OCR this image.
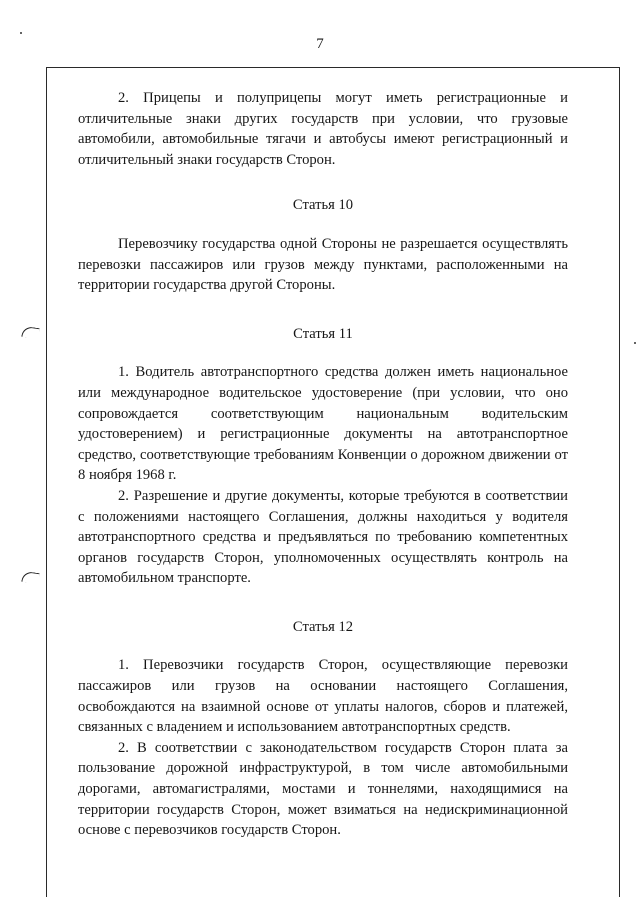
7

2. Прицепы и полуприцепы могут иметь регистрационные и отличительные знаки других государств при условии, что грузовые автомобили, автомобильные тягачи и автобусы имеют регистрационный и отличительный знаки государств Сторон.

Статья 10

Перевозчику государства одной Стороны не разрешается осуществлять перевозки пассажиров или грузов между пунктами, расположенными на территории государства другой Стороны.

Статья 11

1. Водитель автотранспортного средства должен иметь национальное или международное водительское удостоверение (при условии, что оно сопровождается соответствующим национальным водительским удостоверением) и регистрационные документы на автотранспортное средство, соответствующие требованиям Конвенции о дорожном движении от 8 ноября 1968 г.

2. Разрешение и другие документы, которые требуются в соответствии с положениями настоящего Соглашения, должны находиться у водителя автотранспортного средства и предъявляться по требованию компетентных органов государств Сторон, уполномоченных осуществлять контроль на автомобильном транспорте.

Статья 12

1. Перевозчики государств Сторон, осуществляющие перевозки пассажиров или грузов на основании настоящего Соглашения, освобождаются на взаимной основе от уплаты налогов, сборов и платежей, связанных с владением и использованием автотранспортных средств.

2. В соответствии с законодательством государств Сторон плата за пользование дорожной инфраструктурой, в том числе автомобильными дорогами, автомагистралями, мостами и тоннелями, находящимися на территории государств Сторон, может взиматься на недискриминационной основе с перевозчиков государств Сторон.
